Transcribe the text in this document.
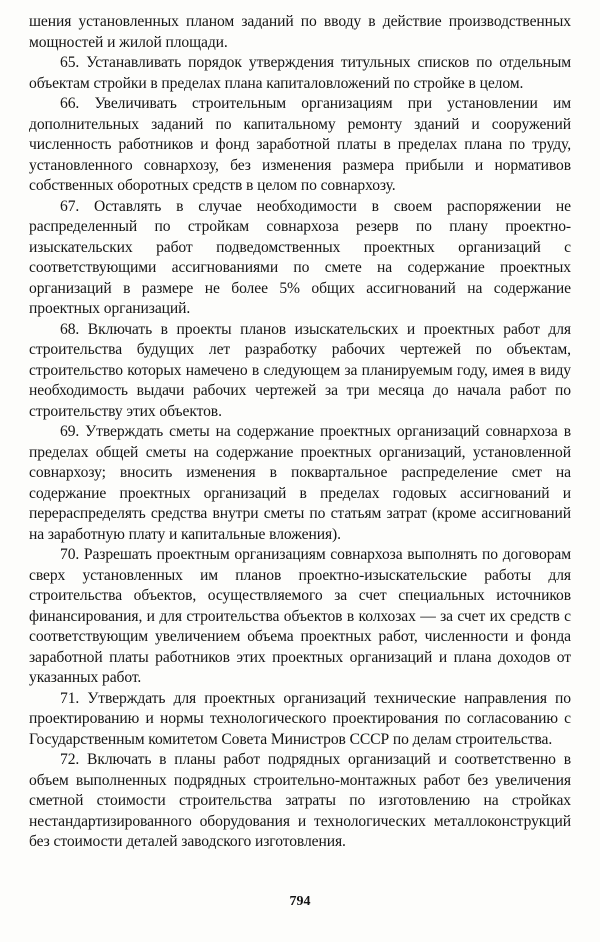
шения установленных планом заданий по вводу в действие производственных мощностей и жилой площади.

65. Устанавливать порядок утверждения титульных списков по отдельным объектам стройки в пределах плана капиталовложений по стройке в целом.

66. Увеличивать строительным организациям при установлении им дополнительных заданий по капитальному ремонту зданий и сооружений численность работников и фонд заработной платы в пределах плана по труду, установленного совнархозу, без изменения размера прибыли и нормативов собственных оборотных средств в целом по совнархозу.

67. Оставлять в случае необходимости в своем распоряжении не распределенный по стройкам совнархоза резерв по плану проектно-изыскательских работ подведомственных проектных организаций с соответствующими ассигнованиями по смете на содержание проектных организаций в размере не более 5% общих ассигнований на содержание проектных организаций.

68. Включать в проекты планов изыскательских и проектных работ для строительства будущих лет разработку рабочих чертежей по объектам, строительство которых намечено в следующем за планируемым году, имея в виду необходимость выдачи рабочих чертежей за три месяца до начала работ по строительству этих объектов.

69. Утверждать сметы на содержание проектных организаций совнархоза в пределах общей сметы на содержание проектных организаций, установленной совнархозу; вносить изменения в поквартальное распределение смет на содержание проектных организаций в пределах годовых ассигнований и перераспределять средства внутри сметы по статьям затрат (кроме ассигнований на заработную плату и капитальные вложения).

70. Разрешать проектным организациям совнархоза выполнять по договорам сверх установленных им планов проектно-изыскательские работы для строительства объектов, осуществляемого за счет специальных источников финансирования, и для строительства объектов в колхозах — за счет их средств с соответствующим увеличением объема проектных работ, численности и фонда заработной платы работников этих проектных организаций и плана доходов от указанных работ.

71. Утверждать для проектных организаций технические направления по проектированию и нормы технологического проектирования по согласованию с Государственным комитетом Совета Министров СССР по делам строительства.

72. Включать в планы работ подрядных организаций и соответственно в объем выполненных подрядных строительно-монтажных работ без увеличения сметной стоимости строительства затраты по изготовлению на стройках нестандартизированного оборудования и технологических металлоконструкций без стоимости деталей заводского изготовления.

794
